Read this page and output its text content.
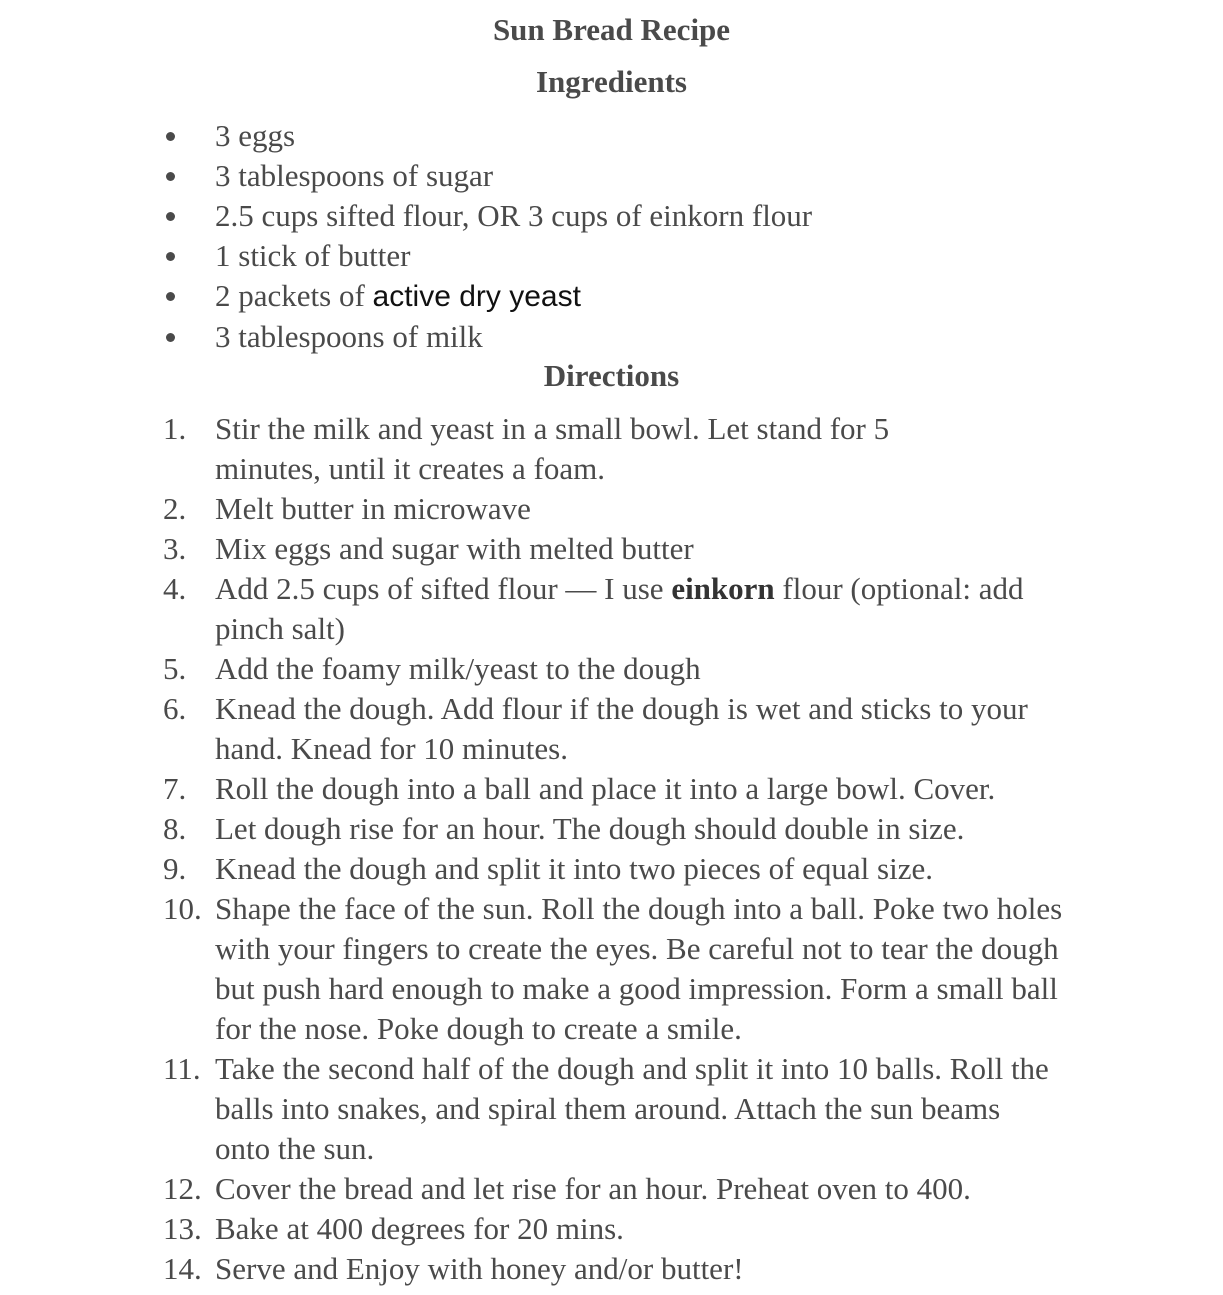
Sun Bread Recipe
Ingredients
3 eggs
3 tablespoons of sugar
2.5 cups sifted flour, OR 3 cups of einkorn flour
1 stick of butter
2 packets of active dry yeast
3 tablespoons of milk
Directions
1. Stir the milk and yeast in a small bowl. Let stand for 5 minutes, until it creates a foam.
2. Melt butter in microwave
3. Mix eggs and sugar with melted butter
4. Add 2.5 cups of sifted flour — I use einkorn flour (optional: add pinch salt)
5. Add the foamy milk/yeast to the dough
6. Knead the dough. Add flour if the dough is wet and sticks to your hand. Knead for 10 minutes.
7. Roll the dough into a ball and place it into a large bowl. Cover.
8. Let dough rise for an hour. The dough should double in size.
9. Knead the dough and split it into two pieces of equal size.
10. Shape the face of the sun. Roll the dough into a ball. Poke two holes with your fingers to create the eyes. Be careful not to tear the dough but push hard enough to make a good impression. Form a small ball for the nose. Poke dough to create a smile.
11. Take the second half of the dough and split it into 10 balls. Roll the balls into snakes, and spiral them around. Attach the sun beams onto the sun.
12. Cover the bread and let rise for an hour. Preheat oven to 400.
13. Bake at 400 degrees for 20 mins.
14. Serve and Enjoy with honey and/or butter!
